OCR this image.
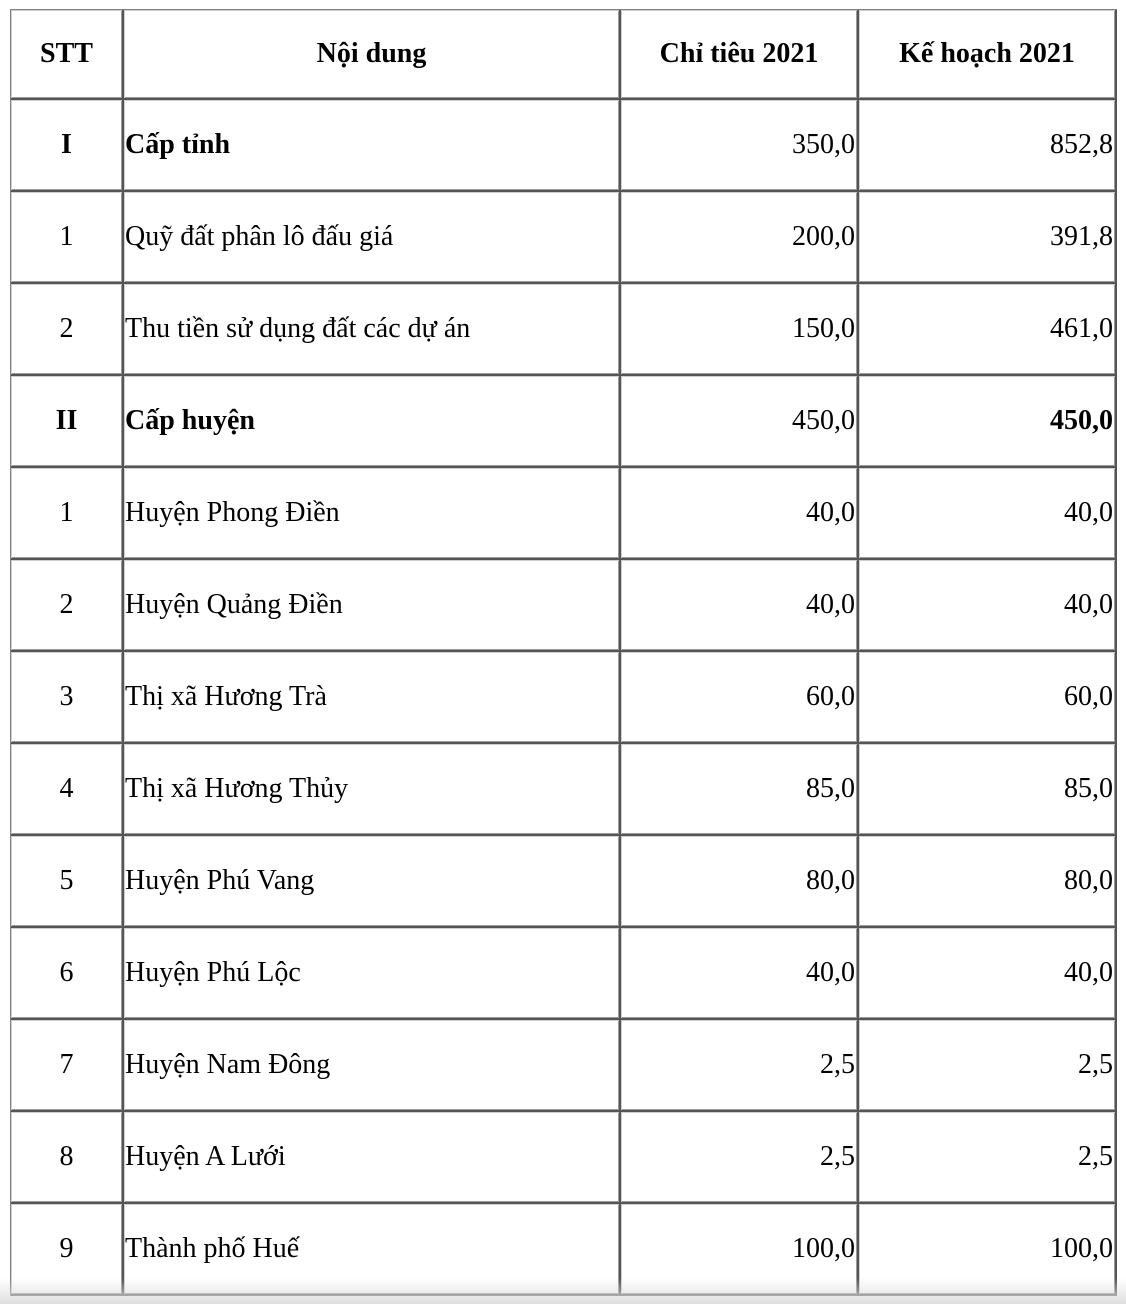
STT	Nội dung	Chỉ tiêu 2021	Kế hoạch 2021
I	Cấp tỉnh	350,0	852,8
1	Quỹ đất phân lô đấu giá	200,0	391,8
2	Thu tiền sử dụng đất các dự án	150,0	461,0
II	Cấp huyện	450,0	450,0
1	Huyện Phong Điền	40,0	40,0
2	Huyện Quảng Điền	40,0	40,0
3	Thị xã Hương Trà	60,0	60,0
4	Thị xã Hương Thủy	85,0	85,0
5	Huyện Phú Vang	80,0	80,0
6	Huyện Phú Lộc	40,0	40,0
7	Huyện Nam Đông	2,5	2,5
8	Huyện A Lưới	2,5	2,5
9	Thành phố Huế	100,0	100,0
